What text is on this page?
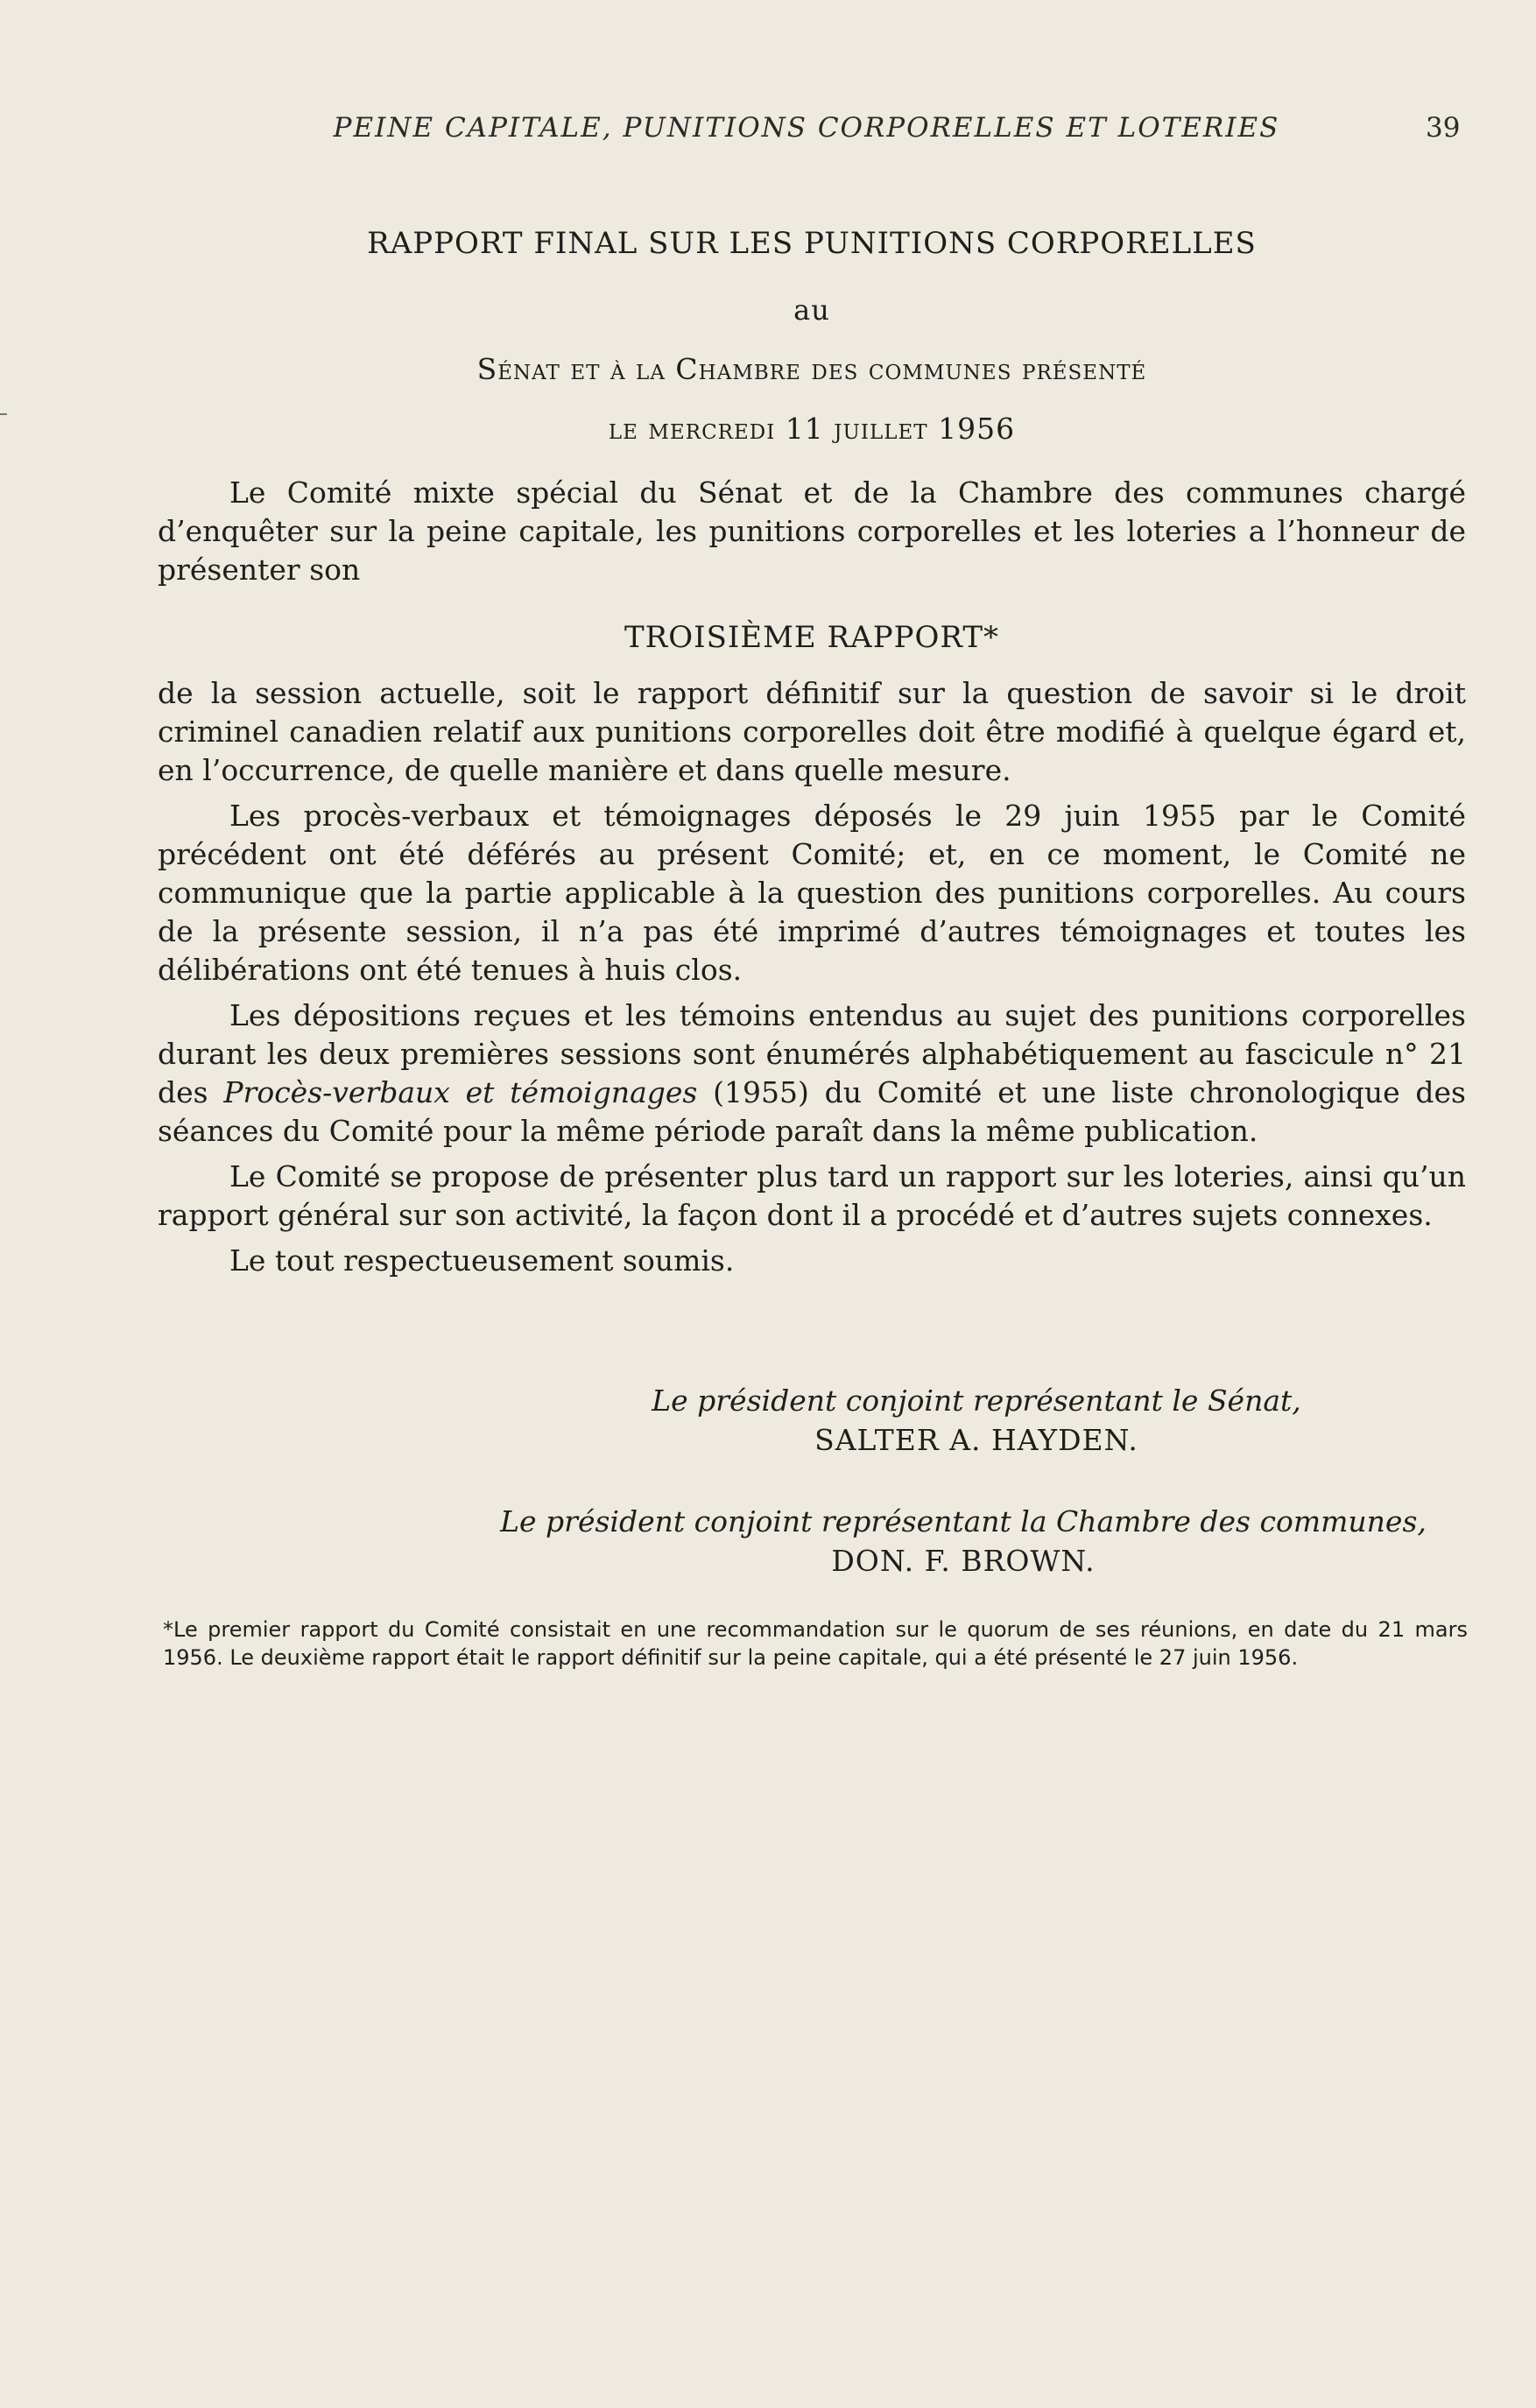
PEINE CAPITALE, PUNITIONS CORPORELLES ET LOTERIES	39
RAPPORT FINAL SUR LES PUNITIONS CORPORELLES
au
Sénat et à la Chambre des communes présenté
le mercredi 11 juillet 1956

Le Comité mixte spécial du Sénat et de la Chambre des communes chargé d’enquêter sur la peine capitale, les punitions corporelles et les loteries a l’honneur de présenter son

TROISIÈME RAPPORT*

de la session actuelle, soit le rapport définitif sur la question de savoir si le droit criminel canadien relatif aux punitions corporelles doit être modifié à quelque égard et, en l’occurrence, de quelle manière et dans quelle mesure.

Les procès-verbaux et témoignages déposés le 29 juin 1955 par le Comité précédent ont été déférés au présent Comité; et, en ce moment, le Comité ne communique que la partie applicable à la question des punitions corporelles. Au cours de la présente session, il n’a pas été imprimé d’autres témoignages et toutes les délibérations ont été tenues à huis clos.

Les dépositions reçues et les témoins entendus au sujet des punitions corporelles durant les deux premières sessions sont énumérés alphabétiquement au fascicule n° 21 des Procès-verbaux et témoignages (1955) du Comité et une liste chronologique des séances du Comité pour la même période paraît dans la même publication.

Le Comité se propose de présenter plus tard un rapport sur les loteries, ainsi qu’un rapport général sur son activité, la façon dont il a procédé et d’autres sujets connexes.

Le tout respectueusement soumis.

Le président conjoint représentant le Sénat,
SALTER A. HAYDEN.
Le président conjoint représentant la Chambre des communes,
DON. F. BROWN.
*Le premier rapport du Comité consistait en une recommandation sur le quorum de ses réunions, en date du 21 mars 1956. Le deuxième rapport était le rapport définitif sur la peine capitale, qui a été présenté le 27 juin 1956.
